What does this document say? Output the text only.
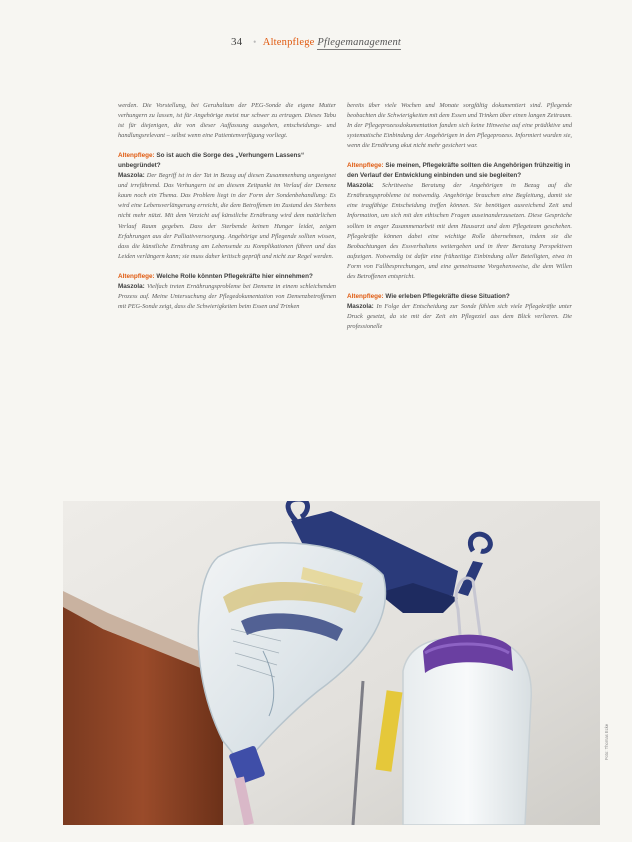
34 • Altenpflege Pflegemanagement

werden. Die Vorstellung, bei Geruhaltum der PEG-Sonde die eigene Mutter verhungern zu lassen, ist für Angehörige meist nur schwer zu ertragen. Dieses Tabu ist für diejenigen, die von dieser Auffassung ausgehen, entscheidungs- und handlungsrelevant – selbst wenn eine Patientenverfügung vorliegt.

Altenpflege: So ist auch die Sorge des „Verhungern Lassens“ unbegründet?

Maszola: Der Begriff ist in der Tat in Bezug auf diesen Zusammenhang ungeeignet und irreführend. Das Verhungern ist an diesem Zeitpunkt im Verlauf der Demenz kaum noch ein Thema. Das Problem liegt in der Form der Sondenbehandlung: Es wird eine Lebensverlängerung erreicht, die dem Betroffenen im Zustand des Sterbens nicht mehr nützt. Mit dem Verzicht auf künstliche Ernährung wird dem natürlichen Verlauf Raum gegeben. Dass der Sterbende keinen Hunger leidet, zeigen Erfahrungen aus der Palliativversorgung. Angehörige und Pflegende sollten wissen, dass die künstliche Ernährung am Lebensende zu Komplikationen führen und das Leiden verlängern kann; sie muss daher kritisch geprüft und nicht zur Regel werden.

Altenpflege: Welche Rolle könnten Pflegekräfte hier einnehmen?

Maszola: Vielfach treten Ernährungsprobleme bei Demenz in einem schleichenden Prozess auf. Meine Untersuchung der Pflegedokumentation von Demenzbetroffenen mit PEG-Sonde zeigt, dass die Schwierigkeiten beim Essen und Trinken

bereits über viele Wochen und Monate sorgfältig dokumentiert sind. Pflegende beobachten die Schwierigkeiten mit dem Essen und Trinken über einen langen Zeitraum. In der Pflegeprozessdokumentation fanden sich keine Hinweise auf eine prädiktive und systematische Einbindung der Angehörigen in den Pflegeprozess. Informiert wurden sie, wenn die Ernährung akut nicht mehr gesichert war.

Altenpflege: Sie meinen, Pflegekräfte sollten die Angehörigen frühzeitig in den Verlauf der Entwicklung einbinden und sie begleiten?

Maszola: Schrittweise Beratung der Angehörigen in Bezug auf die Ernährungsprobleme ist notwendig. Angehörige brauchen eine Begleitung, damit sie eine tragfähige Entscheidung treffen können. Sie benötigen ausreichend Zeit und Information, um sich mit den ethischen Fragen auseinanderzusetzen. Diese Gespräche sollten in enger Zusammenarbeit mit dem Hausarzt und dem Pflegeteam geschehen. Pflegekräfte können dabei eine wichtige Rolle übernehmen, indem sie die Beobachtungen des Essverhaltens weitergeben und in ihrer Beratung Perspektiven aufzeigen. Notwendig ist dafür eine frühzeitige Einbindung aller Beteiligten, etwa in Form von Fallbesprechungen, und eine gemeinsame Vorgehensweise, die dem Willen des Betroffenen entspricht.

Altenpflege: Wie erleben Pflegekräfte diese Situation?

Maszola: In Folge der Entscheidung zur Sonde fühlen sich viele Pflegekräfte unter Druck gesetzt, da sie mit der Zeit ein Pflegeziel aus dem Blick verlieren. Die professionelle

Foto: Thomas Ecke
